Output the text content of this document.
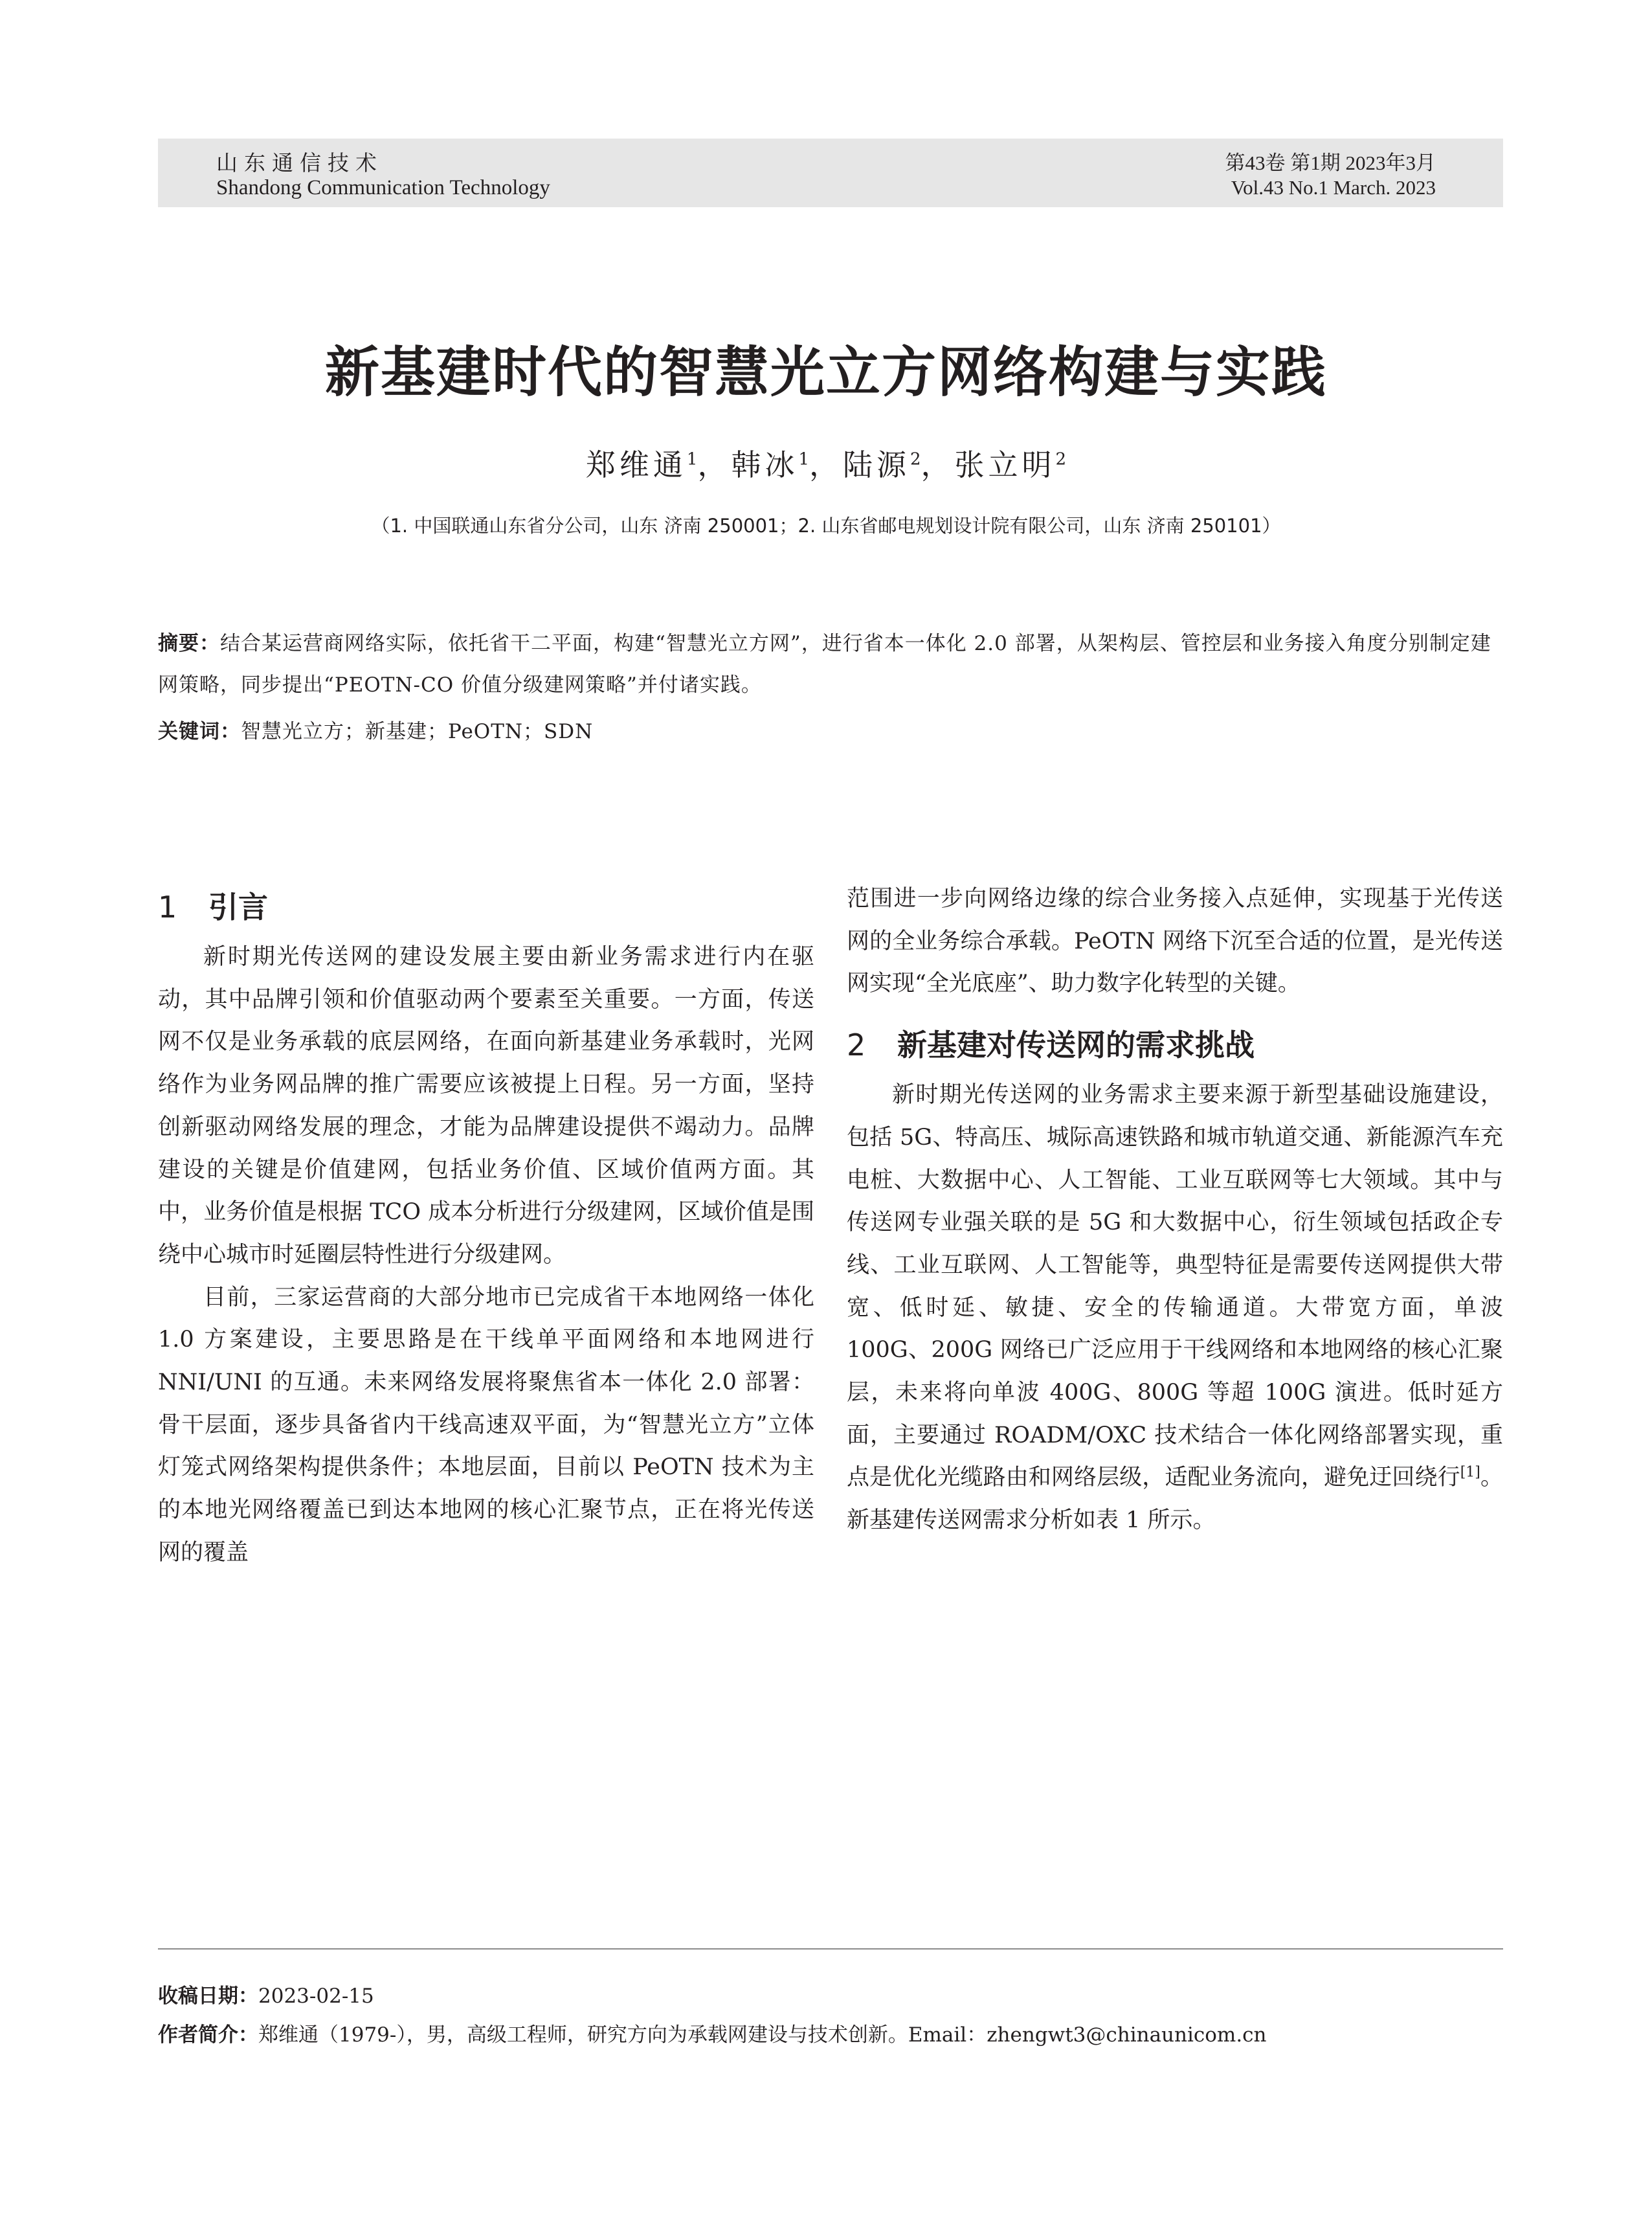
山东通信技术
Shandong Communication Technology
第43卷 第1期 2023年3月
Vol.43 No.1 March. 2023
新基建时代的智慧光立方网络构建与实践
郑维通$^1$，韩冰$^1$，陆源$^2$，张立明$^2$
（1. 中国联通山东省分公司，山东 济南 250001；2. 山东省邮电规划设计院有限公司，山东 济南 250101）
摘要：结合某运营商网络实际，依托省干二平面，构建“智慧光立方网”，进行省本一体化 2.0 部署，从架构层、管控层和业务接入角度分别制定建网策略，同步提出“PEOTN-CO 价值分级建网策略”并付诸实践。
关键词：智慧光立方；新基建；PeOTN；SDN
1 引言

新时期光传送网的建设发展主要由新业务需求进行内在驱动，其中品牌引领和价值驱动两个要素至关重要。一方面，传送网不仅是业务承载的底层网络，在面向新基建业务承载时，光网络作为业务网品牌的推广需要应该被提上日程。另一方面，坚持创新驱动网络发展的理念，才能为品牌建设提供不竭动力。品牌建设的关键是价值建网，包括业务价值、区域价值两方面。其中，业务价值是根据 TCO 成本分析进行分级建网，区域价值是围绕中心城市时延圈层特性进行分级建网。

目前，三家运营商的大部分地市已完成省干本地网络一体化 1.0 方案建设，主要思路是在干线单平面网络和本地网进行 NNI/UNI 的互通。未来网络发展将聚焦省本一体化 2.0 部署：骨干层面，逐步具备省内干线高速双平面，为“智慧光立方”立体灯笼式网络架构提供条件；本地层面，目前以 PeOTN 技术为主的本地光网络覆盖已到达本地网的核心汇聚节点，正在将光传送网的覆盖

范围进一步向网络边缘的综合业务接入点延伸，实现基于光传送网的全业务综合承载。PeOTN 网络下沉至合适的位置，是光传送网实现“全光底座”、助力数字化转型的关键。

2 新基建对传送网的需求挑战

新时期光传送网的业务需求主要来源于新型基础设施建设，包括 5G、特高压、城际高速铁路和城市轨道交通、新能源汽车充电桩、大数据中心、人工智能、工业互联网等七大领域。其中与传送网专业强关联的是 5G 和大数据中心，衍生领域包括政企专线、工业互联网、人工智能等，典型特征是需要传送网提供大带宽、低时延、敏捷、安全的传输通道。大带宽方面，单波 100G、200G 网络已广泛应用于干线网络和本地网络的核心汇聚层，未来将向单波 400G、800G 等超 100G 演进。低时延方面，主要通过 ROADM/OXC 技术结合一体化网络部署实现，重点是优化光缆路由和网络层级，适配业务流向，避免迂回绕行[1]。新基建传送网需求分析如表 1 所示。

收稿日期：2023-02-15
作者简介：郑维通（1979-），男，高级工程师，研究方向为承载网建设与技术创新。Email：zhengwt3@chinaunicom.cn
